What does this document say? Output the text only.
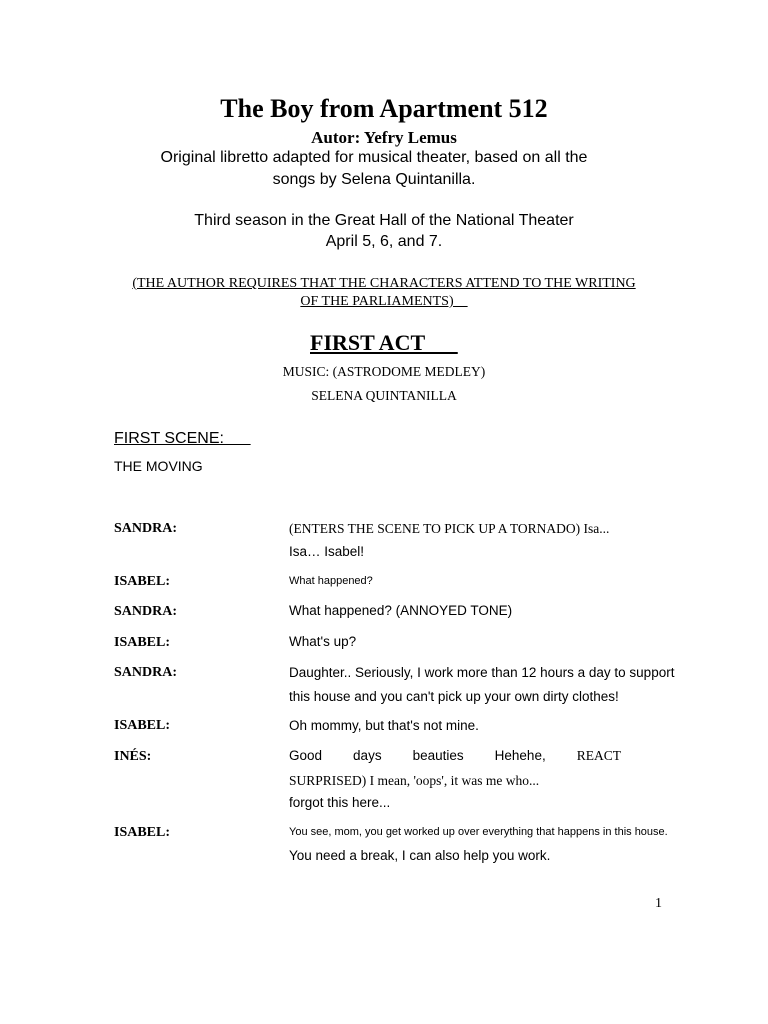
The Boy from Apartment 512

Autor: Yefry Lemus

Original libretto adapted for musical theater, based on all the

songs by Selena Quintanilla.

Third season in the Great Hall of the National Theater

April 5, 6, and 7.

(THE AUTHOR REQUIRES THAT THE CHARACTERS ATTEND TO THE WRITING

OF THE PARLIAMENTS)

FIRST ACT

MUSIC: (ASTRODOME MEDLEY)

SELENA QUINTANILLA

FIRST SCENE:

THE MOVING

SANDRA:	(ENTERS THE SCENE TO PICK UP A TORNADO) Isa...

Isa… Isabel!

ISABEL:	What happened?

SANDRA:	What happened? (ANNOYED TONE)

ISABEL:	What's up?

SANDRA:	Daughter.. Seriously, I work more than 12 hours a day to support

this house and you can't pick up your own dirty clothes!

ISABEL:	Oh mommy, but that's not mine.

INÉS:	Good days beauties Hehehe, REACT

SURPRISED) I mean, 'oops', it was me who...

forgot this here...

ISABEL:	You see, mom, you get worked up over everything that happens in this house.

You need a break, I can also help you work.

1
